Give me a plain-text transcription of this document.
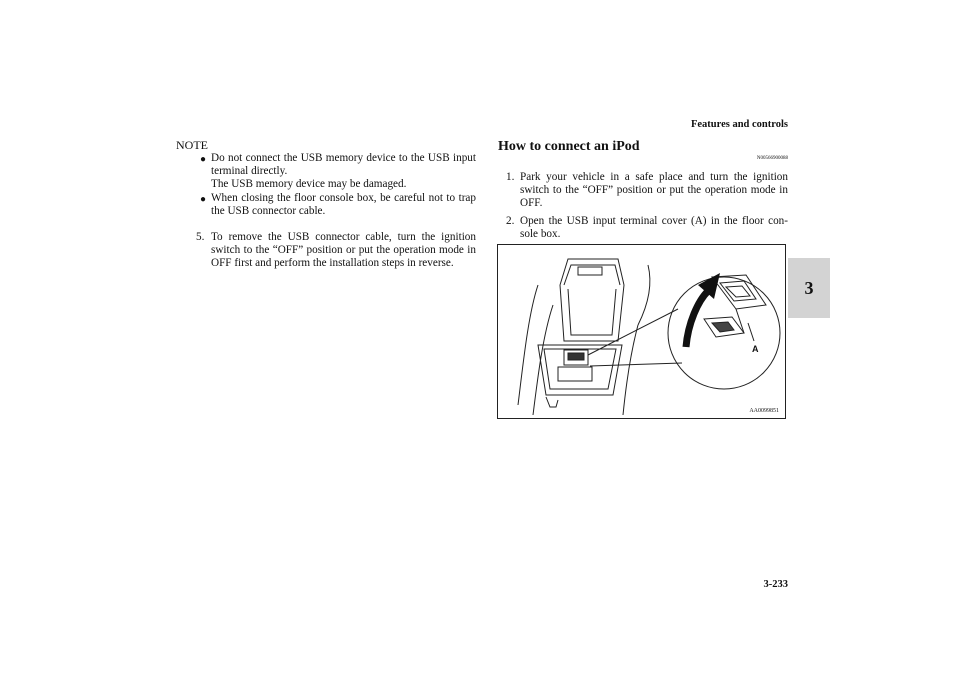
Features and controls
3

NOTE

● Do not connect the USB memory device to the USB input terminal directly.

The USB memory device may be damaged.

● When closing the floor console box, be careful not to trap the USB connector cable.
5. To remove the USB connector cable, turn the ignition switch to the “OFF” position or put the operation mode in OFF first and perform the installation steps in reverse.

How to connect an iPod

N00566900088

1. Park your vehicle in a safe place and turn the ignition switch to the “OFF” position or put the operation mode in OFF.
2. Open the USB input terminal cover (A) in the floor con-sole box.
A
AA0099851
3-233
